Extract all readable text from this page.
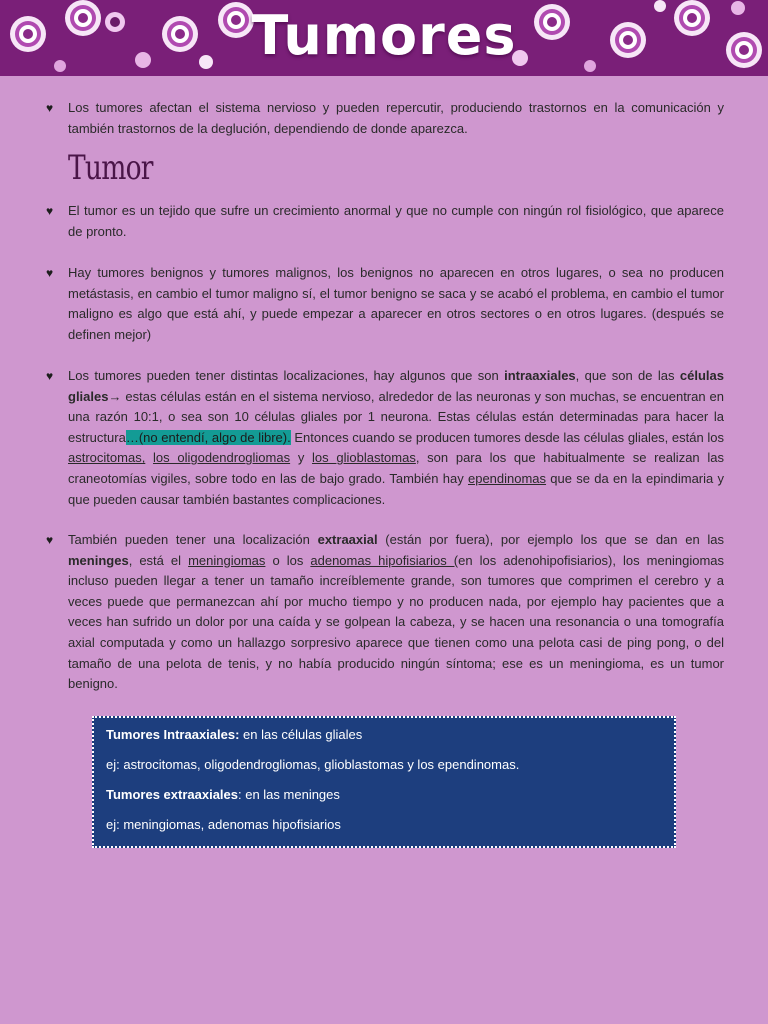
Tumores
♥ Los tumores afectan el sistema nervioso y pueden repercutir, produciendo trastornos en la comunicación y también trastornos de la deglución, dependiendo de donde aparezca.
Tumor
♥ El tumor es un tejido que sufre un crecimiento anormal y que no cumple con ningún rol fisiológico, que aparece de pronto.
♥ Hay tumores benignos y tumores malignos, los benignos no aparecen en otros lugares, o sea no producen metástasis, en cambio el tumor maligno sí, el tumor benigno se saca y se acabó el problema, en cambio el tumor maligno es algo que está ahí, y puede empezar a aparecer en otros sectores o en otros lugares. (después se definen mejor)
♥ Los tumores pueden tener distintas localizaciones, hay algunos que son intraaxiales, que son de las células gliales→ estas células están en el sistema nervioso, alrededor de las neuronas y son muchas, se encuentran en una razón 10:1, o sea son 10 células gliales por 1 neurona. Estas células están determinadas para hacer la estructura…(no entendí, algo de libre). Entonces cuando se producen tumores desde las células gliales, están los astrocitomas, los oligodendrogliomas y los glioblastomas, son para los que habitualmente se realizan las craneotomías vigiles, sobre todo en las de bajo grado. También hay ependinomas que se da en la epindimaria y que pueden causar también bastantes complicaciones.
♥ También pueden tener una localización extraaxial (están por fuera), por ejemplo los que se dan en las meninges, está el meningiomas o los adenomas hipofisiarios (en los adenohipofisiarios), los meningiomas incluso pueden llegar a tener un tamaño increíblemente grande, son tumores que comprimen el cerebro y a veces puede que permanezcan ahí por mucho tiempo y no producen nada, por ejemplo hay pacientes que a veces han sufrido un dolor por una caída y se golpean la cabeza, y se hacen una resonancia o una tomografía axial computada y como un hallazgo sorpresivo aparece que tienen como una pelota casi de ping pong, o del tamaño de una pelota de tenis, y no había producido ningún síntoma; ese es un meningioma, es un tumor benigno.

Tumores Intraaxiales: en las células gliales

ej: astrocitomas, oligodendrogliomas, glioblastomas y los ependinomas.

Tumores extraaxiales: en las meninges

ej: meningiomas, adenomas hipofisiarios
